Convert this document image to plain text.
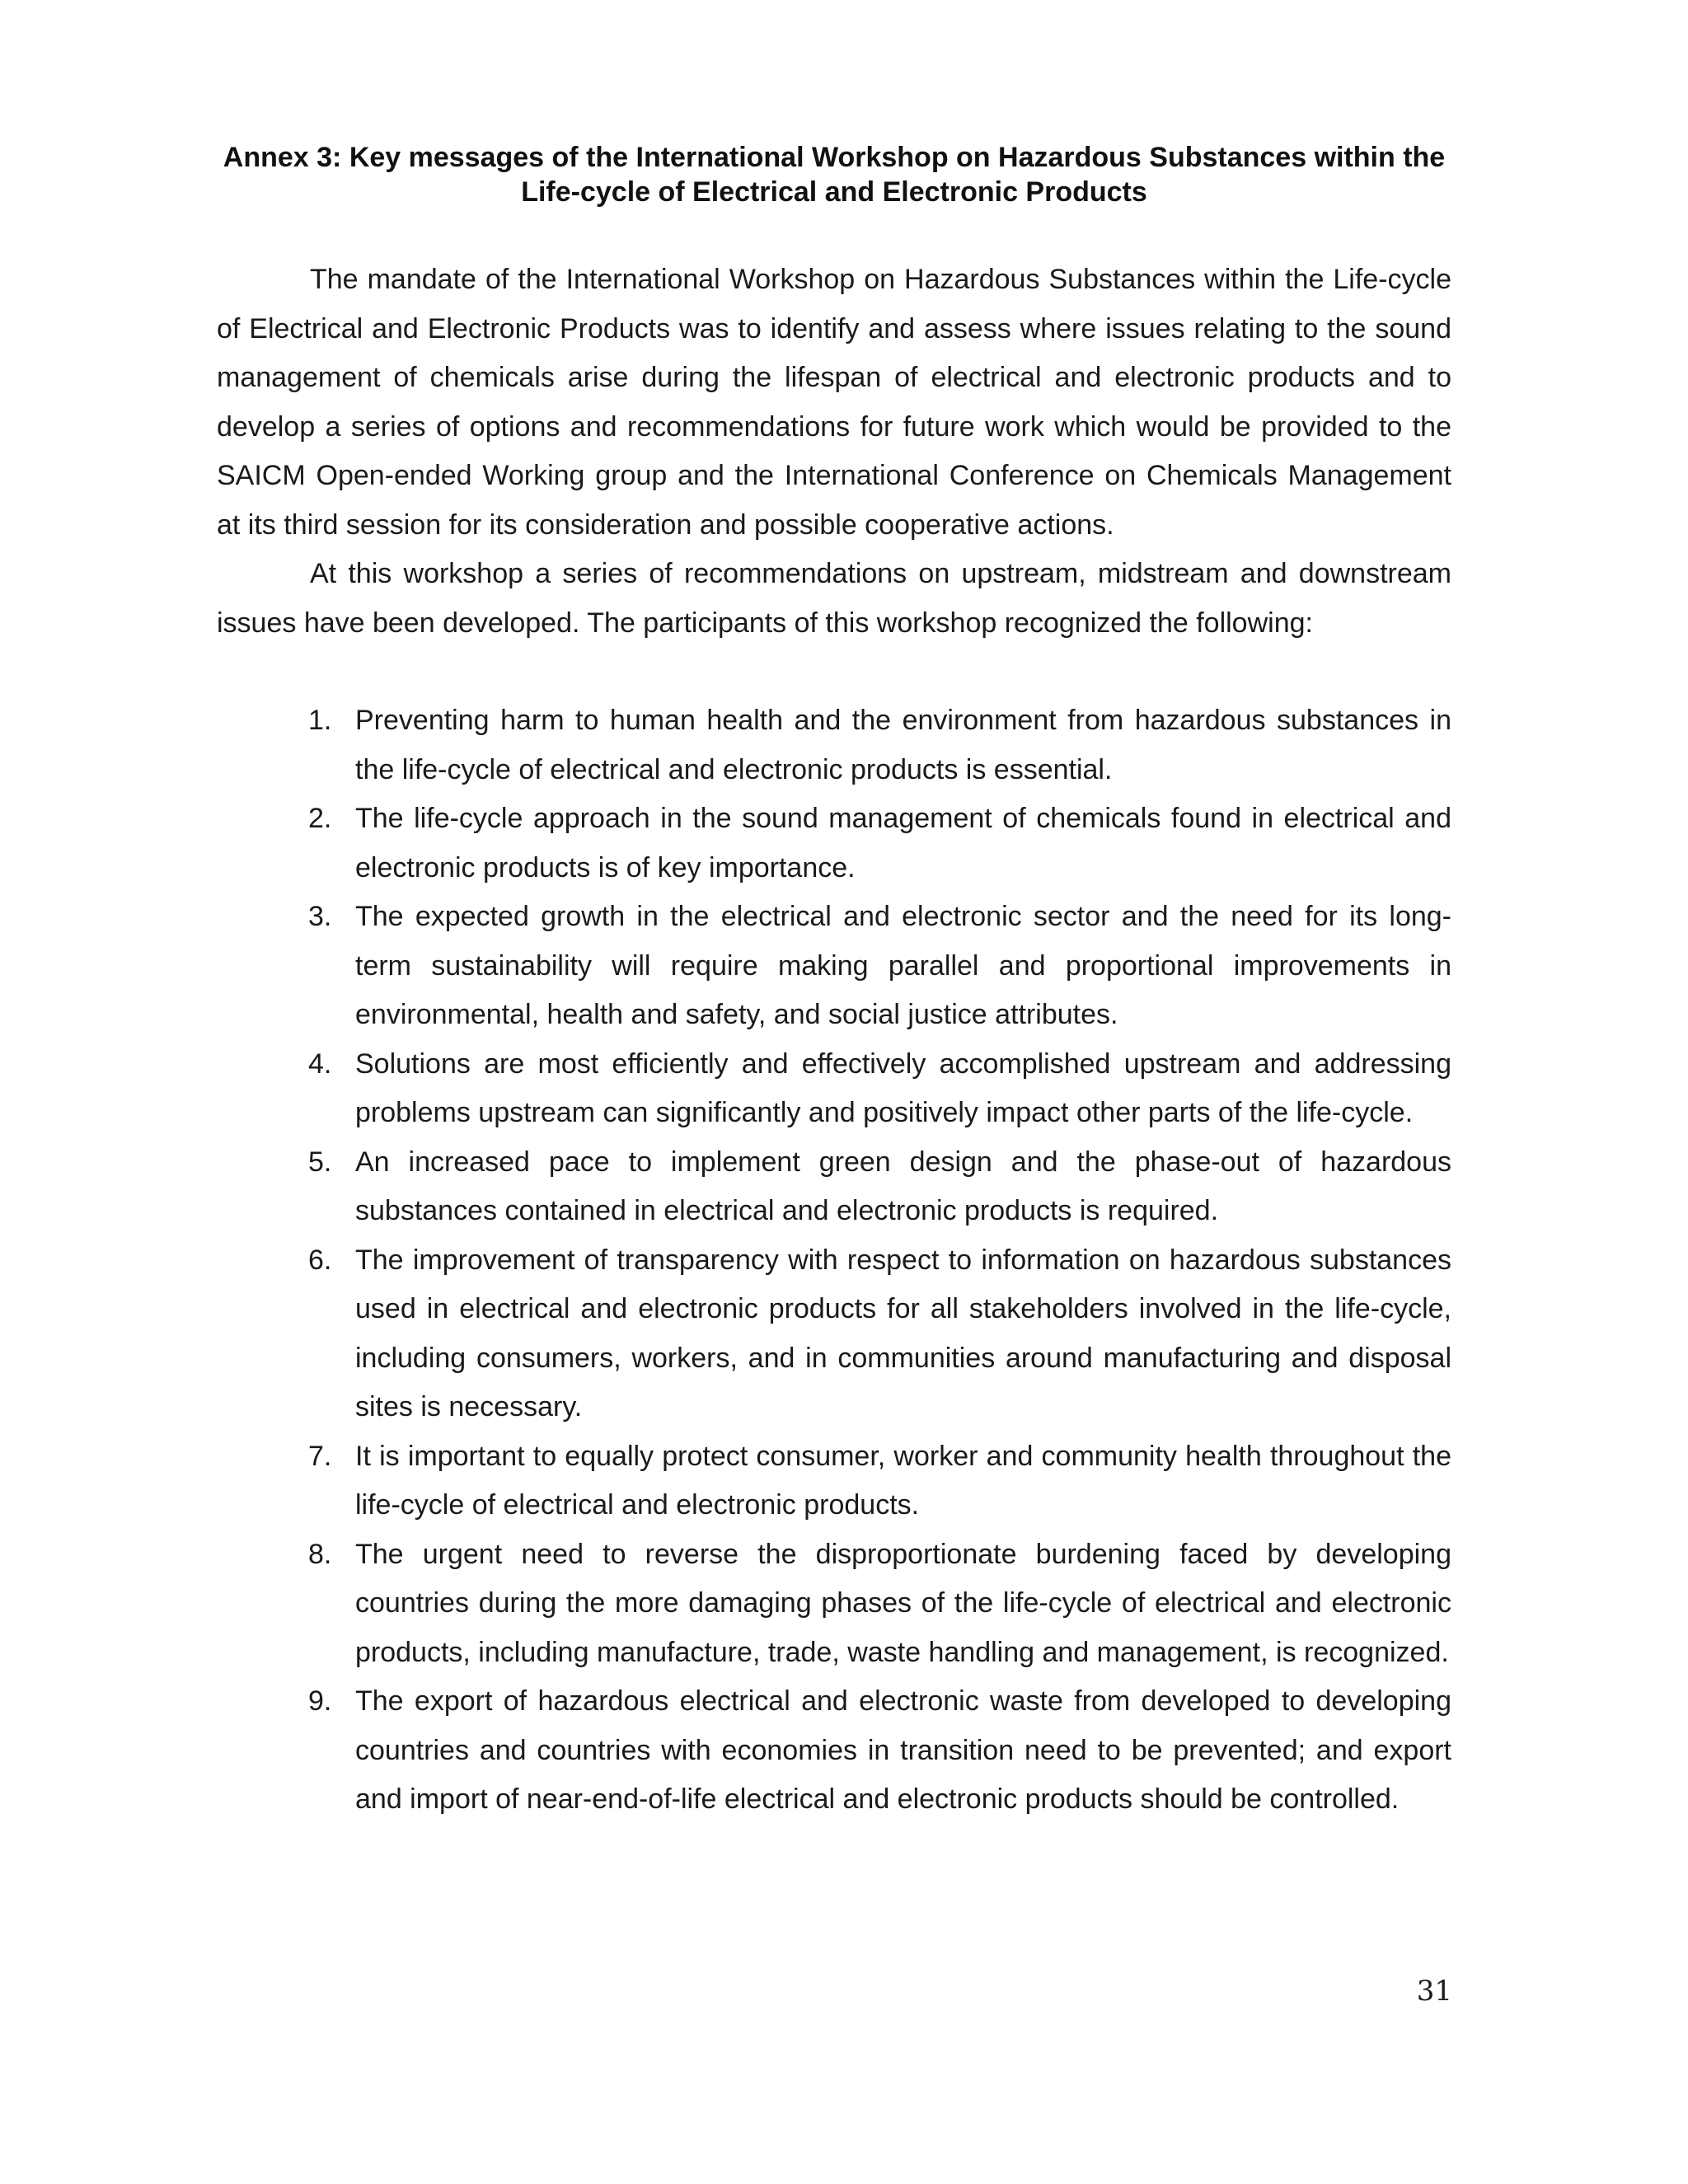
Annex 3: Key messages of the International Workshop on Hazardous Substances within the
Life-cycle of Electrical and Electronic Products

The mandate of the International Workshop on Hazardous Substances within the Life-cycle of Electrical and Electronic Products was to identify and assess where issues relating to the sound management of chemicals arise during the lifespan of electrical and electronic products and to develop a series of options and recommendations for future work which would be provided to the SAICM Open-ended Working group and the International Conference on Chemicals Management at its third session for its consideration and possible cooperative actions.

At this workshop a series of recommendations on upstream, midstream and downstream issues have been developed. The participants of this workshop recognized the following:

1. Preventing harm to human health and the environment from hazardous substances in the life-cycle of electrical and electronic products is essential.
2. The life-cycle approach in the sound management of chemicals found in electrical and electronic products is of key importance.
3. The expected growth in the electrical and electronic sector and the need for its long-term sustainability will require making parallel and proportional improvements in environmental, health and safety, and social justice attributes.
4. Solutions are most efficiently and effectively accomplished upstream and addressing problems upstream can significantly and positively impact other parts of the life-cycle.
5. An increased pace to implement green design and the phase-out of hazardous substances contained in electrical and electronic products is required.
6. The improvement of transparency with respect to information on hazardous substances used in electrical and electronic products for all stakeholders involved in the life-cycle, including consumers, workers, and in communities around manufacturing and disposal sites is necessary.
7. It is important to equally protect consumer, worker and community health throughout the life-cycle of electrical and electronic products.
8. The urgent need to reverse the disproportionate burdening faced by developing countries during the more damaging phases of the life-cycle of electrical and electronic products, including manufacture, trade, waste handling and management, is recognized.
9. The export of hazardous electrical and electronic waste from developed to developing countries and countries with economies in transition need to be prevented; and export and import of near-end-of-life electrical and electronic products should be controlled.
31
